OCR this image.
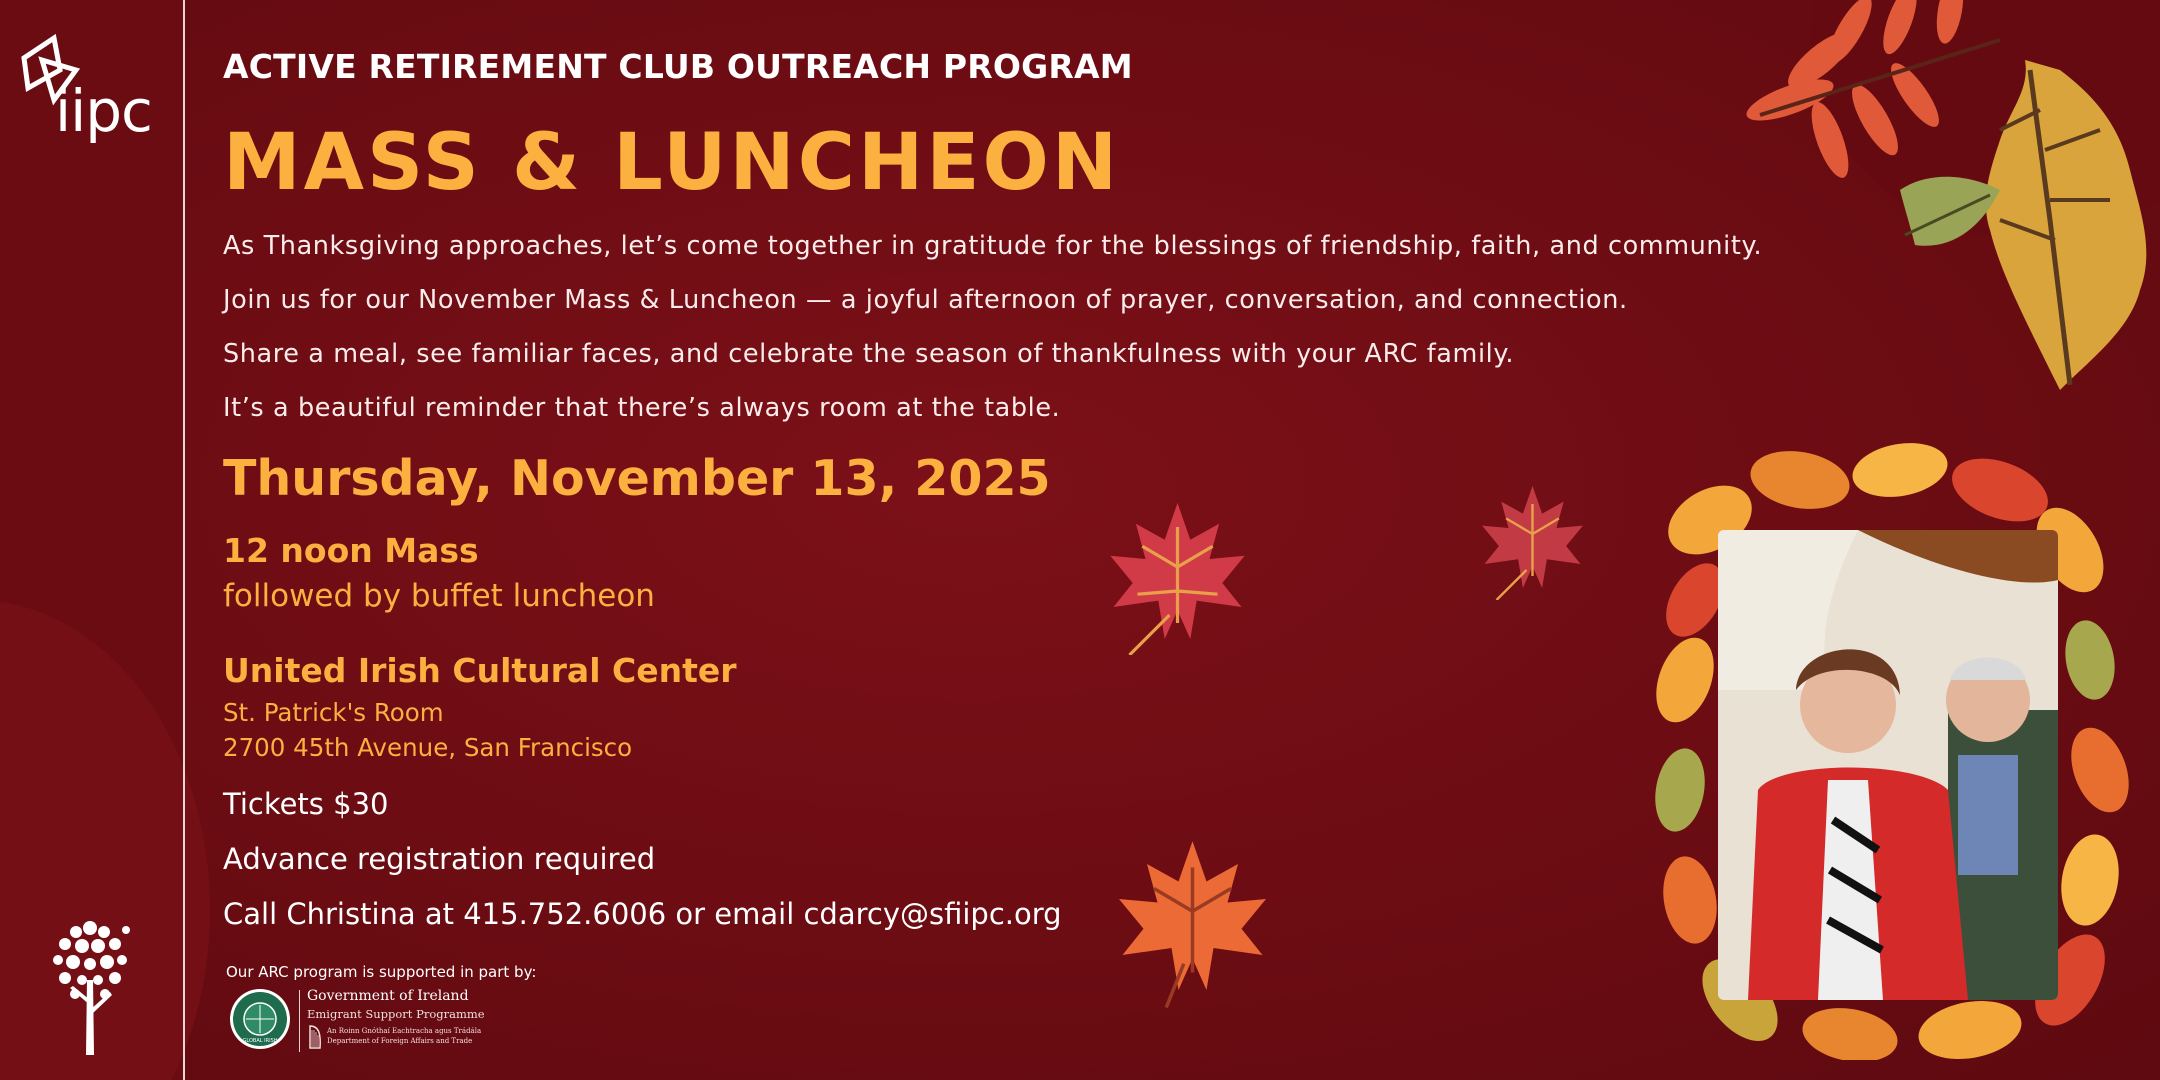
iipc
ACTIVE RETIREMENT CLUB OUTREACH PROGRAM
MASS & LUNCHEON

As Thanksgiving approaches, let’s come together in gratitude for the blessings of friendship, faith, and community.

Join us for our November Mass & Luncheon — a joyful afternoon of prayer, conversation, and connection.

Share a meal, see familiar faces, and celebrate the season of thankfulness with your ARC family.

It’s a beautiful reminder that there’s always room at the table.

Thursday, November 13, 2025
12 noon Mass
followed by buffet luncheon
United Irish Cultural Center
St. Patrick's Room
2700 45th Avenue, San Francisco
Tickets $30
Advance registration required
Call Christina at 415.752.6006 or email cdarcy@sfiipc.org
Our ARC program is supported in part by:
GLOBAL IRISH
Government of Ireland
Emigrant Support Programme
An Roinn Gnóthaí Eachtracha agus Trádála
Department of Foreign Affairs and Trade
